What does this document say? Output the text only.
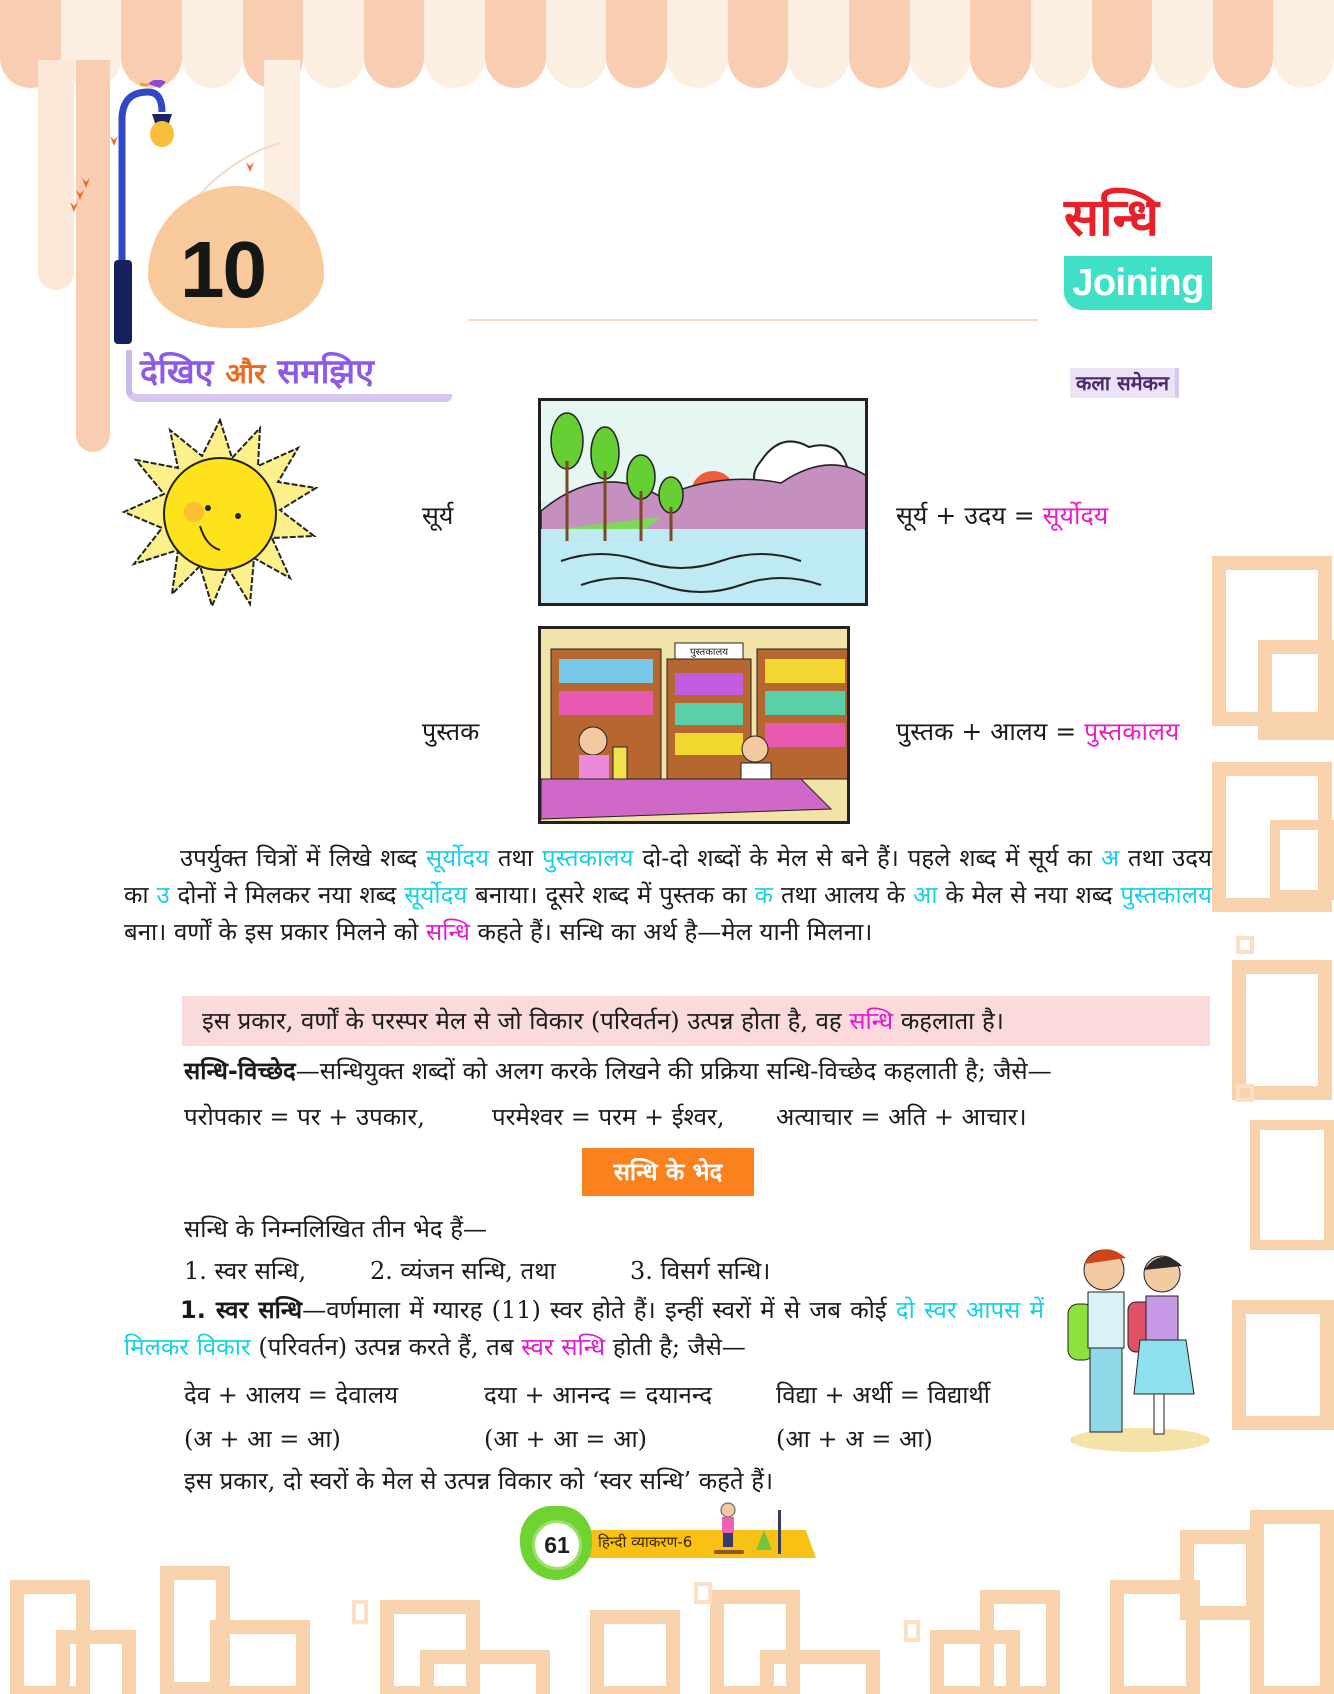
10
सन्धि
Joining
देखिए और समझिए	कला समेकन
सूर्य	सूर्य + उदय = सूर्योदय
पुस्तक
पुस्तकालय
पुस्तक + आलय = पुस्तकालय

उपर्युक्त चित्रों में लिखे शब्द सूर्योदय तथा पुस्तकालय दो-दो शब्दों के मेल से बने हैं। पहले शब्द में सूर्य का अ तथा उदय का उ दोनों ने मिलकर नया शब्द सूर्योदय बनाया। दूसरे शब्द में पुस्तक का क तथा आलय के आ के मेल से नया शब्द पुस्तकालय बना। वर्णों के इस प्रकार मिलने को सन्धि कहते हैं। सन्धि का अर्थ है—मेल यानी मिलना।

इस प्रकार, वर्णों के परस्पर मेल से जो विकार (परिवर्तन) उत्पन्न होता है, वह सन्धि कहलाता है।
सन्धि-विच्छेद—सन्धियुक्त शब्दों को अलग करके लिखने की प्रक्रिया सन्धि-विच्छेद कहलाती है; जैसे—
परोपकार = पर + उपकार,	परमेश्वर = परम + ईश्वर, अत्याचार = अति + आचार।
सन्धि के भेद
सन्धि के निम्नलिखित तीन भेद हैं—
1. स्वर सन्धि,	2. व्यंजन सन्धि, तथा	3. विसर्ग सन्धि।

1. स्वर सन्धि—वर्णमाला में ग्यारह (11) स्वर होते हैं। इन्हीं स्वरों में से जब कोई दो स्वर आपस में मिलकर विकार (परिवर्तन) उत्पन्न करते हैं, तब स्वर सन्धि होती है; जैसे—

देव + आलय = देवालय	दया + आनन्द = दयानन्द	विद्या + अर्थी = विद्यार्थी
(अ + आ = आ)	(आ + आ = आ)	(आ + अ = आ)
इस प्रकार, दो स्वरों के मेल से उत्पन्न विकार को ‘स्वर सन्धि’ कहते हैं।
61	हिन्दी व्याकरण-6
